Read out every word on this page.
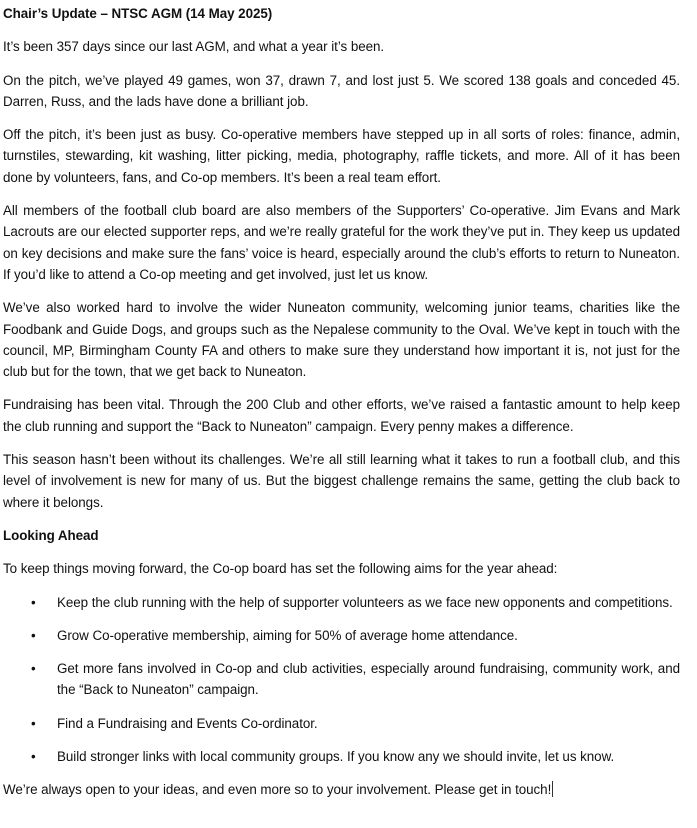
Chair’s Update – NTSC AGM (14 May 2025)

It’s been 357 days since our last AGM, and what a year it’s been.

On the pitch, we’ve played 49 games, won 37, drawn 7, and lost just 5. We scored 138 goals and conceded 45. Darren, Russ, and the lads have done a brilliant job.

Off the pitch, it’s been just as busy. Co-operative members have stepped up in all sorts of roles: finance, admin, turnstiles, stewarding, kit washing, litter picking, media, photography, raffle tickets, and more. All of it has been done by volunteers, fans, and Co-op members. It’s been a real team effort.

All members of the football club board are also members of the Supporters’ Co-operative. Jim Evans and Mark Lacrouts are our elected supporter reps, and we’re really grateful for the work they’ve put in. They keep us updated on key decisions and make sure the fans’ voice is heard, especially around the club’s efforts to return to Nuneaton. If you’d like to attend a Co-op meeting and get involved, just let us know.

We’ve also worked hard to involve the wider Nuneaton community, welcoming junior teams, charities like the Foodbank and Guide Dogs, and groups such as the Nepalese community to the Oval. We’ve kept in touch with the council, MP, Birmingham County FA and others to make sure they understand how important it is, not just for the club but for the town, that we get back to Nuneaton.

Fundraising has been vital. Through the 200 Club and other efforts, we’ve raised a fantastic amount to help keep the club running and support the “Back to Nuneaton” campaign. Every penny makes a difference.

This season hasn’t been without its challenges. We’re all still learning what it takes to run a football club, and this level of involvement is new for many of us. But the biggest challenge remains the same, getting the club back to where it belongs.

Looking Ahead

To keep things moving forward, the Co-op board has set the following aims for the year ahead:

• Keep the club running with the help of supporter volunteers as we face new opponents and competitions.
• Grow Co-operative membership, aiming for 50% of average home attendance.
• Get more fans involved in Co-op and club activities, especially around fundraising, community work, and the “Back to Nuneaton” campaign.
• Find a Fundraising and Events Co-ordinator.
• Build stronger links with local community groups. If you know any we should invite, let us know.

We’re always open to your ideas, and even more so to your involvement. Please get in touch!
